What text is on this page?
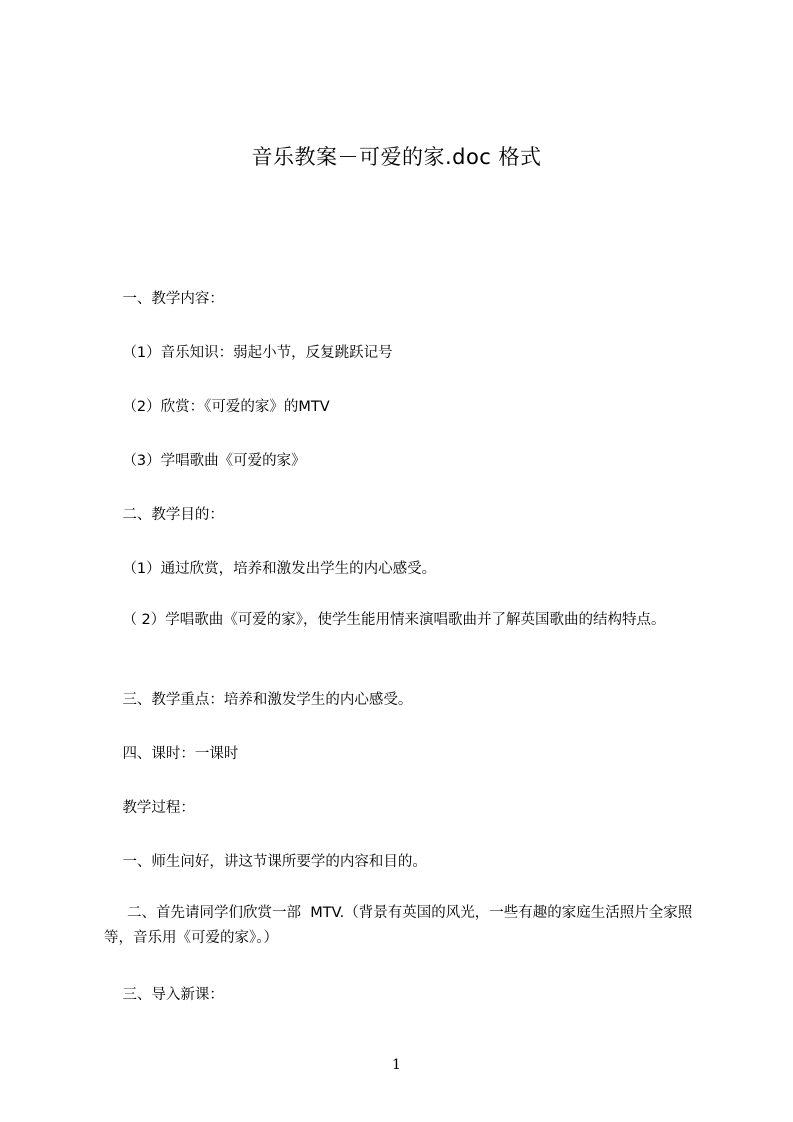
音乐教案－可爱的家.doc 格式
一、教学内容：
（1）音乐知识：弱起小节，反复跳跃记号
（2）欣赏：《可爱的家》的MTV
（3）学唱歌曲《可爱的家》
二、教学目的：
（1）通过欣赏，培养和激发出学生的内心感受。
（ 2）学唱歌曲《可爱的家》，使学生能用情来演唱歌曲并了解英国歌曲的结构特点。
三、教学重点：培养和激发学生的内心感受。
四、课时：一课时
教学过程：
一、师生问好，讲这节课所要学的内容和目的。
二、首先请同学们欣赏一部  MTV.（背景有英国的风光，一些有趣的家庭生活照片全家照等，音乐用《可爱的家》。）
三、导入新课：
1
